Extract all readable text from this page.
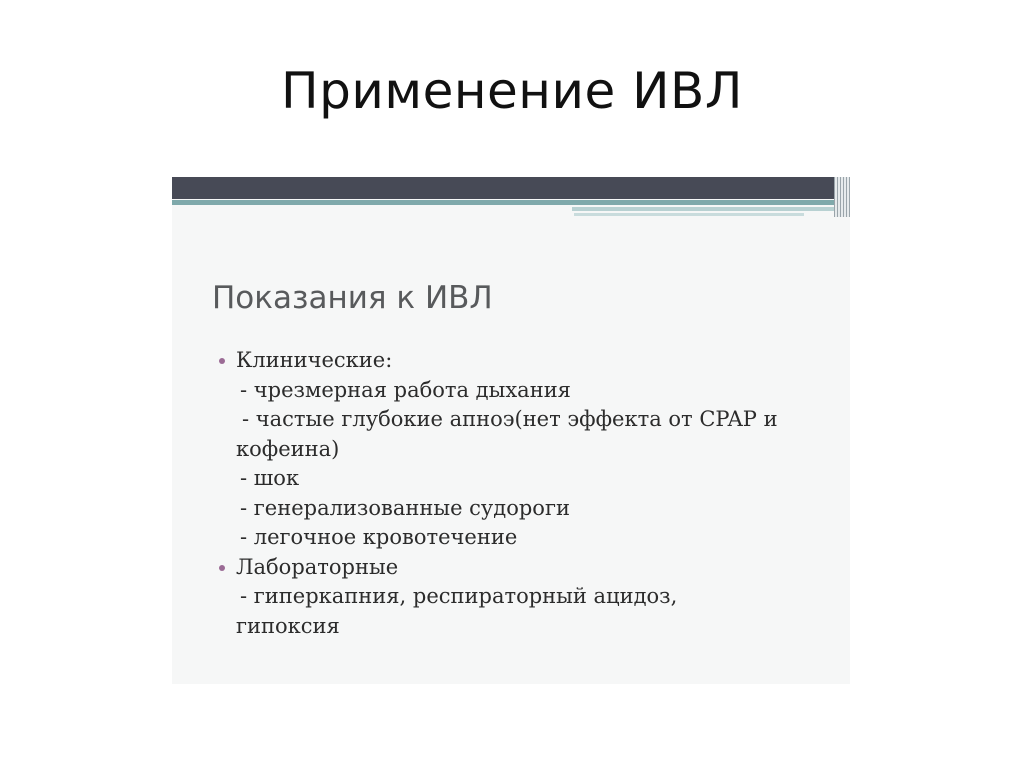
Применение ИВЛ
Показания к ИВЛ
Клинические:
- чрезмерная работа дыхания
- частые глубокие апноэ(нет эффекта от CPAP и
кофеина)
- шок
- генерализованные судороги
- легочное кровотечение
Лабораторные
- гиперкапния, респираторный ацидоз,
гипоксия
